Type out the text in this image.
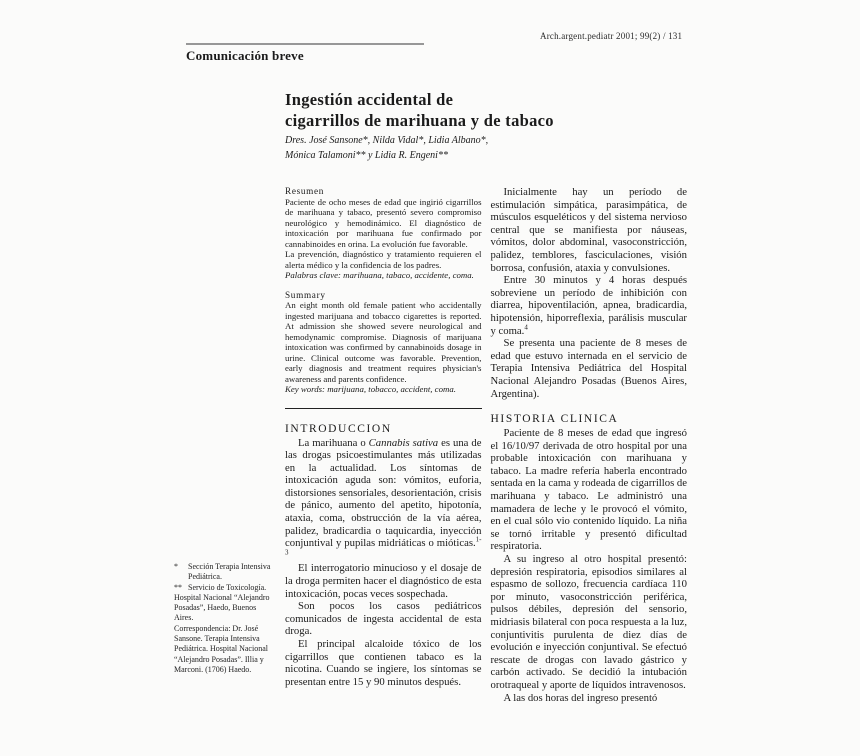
Arch.argent.pediatr 2001; 99(2) / 131
Comunicación breve
Ingestión accidental de
cigarrillos de marihuana y de tabaco
Dres. José Sansone*, Nilda Vidal*, Lidia Albano*,
Mónica Talamoni** y Lidia R. Engeni**
* Sección Terapia Intensiva Pediátrica.
** Servicio de Toxicología.

Hospital Nacional “Alejandro Posadas”, Haedo, Buenos Aires.

Correspondencia: Dr. José Sansone. Terapia Intensiva Pediátrica. Hospital Nacional “Alejandro Posadas”. Illia y Marconi. (1706) Haedo.

Resumen

Paciente de ocho meses de edad que ingirió cigarrillos de marihuana y tabaco, presentó severo compromiso neurológico y hemodinámico. El diagnóstico de intoxicación por marihuana fue confirmado por cannabinoides en orina. La evolución fue favorable.

La prevención, diagnóstico y tratamiento requieren el alerta médico y la confidencia de los padres.

Palabras clave: marihuana, tabaco, accidente, coma.

Summary

An eight month old female patient who accidentally ingested marijuana and tobacco cigarettes is reported. At admission she showed severe neurological and hemodynamic compromise. Diagnosis of marijuana intoxication was confirmed by cannabinoids dosage in urine. Clinical outcome was favorable. Prevention, early diagnosis and treatment requires physician's awareness and parents confidence.

Key words: marijuana, tobacco, accident, coma.

INTRODUCCION

La marihuana o Cannabis sativa es una de las drogas psicoestimulantes más utilizadas en la actualidad. Los síntomas de intoxicación aguda son: vómitos, euforia, distorsiones sensoriales, desorientación, crisis de pánico, aumento del apetito, hipotonía, ataxia, coma, obstrucción de la vía aérea, palidez, bradicardia o taquicardia, inyección conjuntival y pupilas midriáticas o mióticas.$^{1-3}$

El interrogatorio minucioso y el dosaje de la droga permiten hacer el diagnóstico de esta intoxicación, pocas veces sospechada.

Son pocos los casos pediátricos comunicados de ingesta accidental de esta droga.

El principal alcaloide tóxico de los cigarrillos que contienen tabaco es la nicotina. Cuando se ingiere, los síntomas se presentan entre 15 y 90 minutos después.

Inicialmente hay un período de estimulación simpática, parasimpática, de músculos esqueléticos y del sistema nervioso central que se manifiesta por náuseas, vómitos, dolor abdominal, vasoconstricción, palidez, temblores, fasciculaciones, visión borrosa, confusión, ataxia y convulsiones.

Entre 30 minutos y 4 horas después sobreviene un período de inhibición con diarrea, hipoventilación, apnea, bradicardia, hipotensión, hiporreflexia, parálisis muscular y coma.$^4$

Se presenta una paciente de 8 meses de edad que estuvo internada en el servicio de Terapia Intensiva Pediátrica del Hospital Nacional Alejandro Posadas (Buenos Aires, Argentina).

HISTORIA CLINICA

Paciente de 8 meses de edad que ingresó el 16/10/97 derivada de otro hospital por una probable intoxicación con marihuana y tabaco. La madre refería haberla encontrado sentada en la cama y rodeada de cigarrillos de marihuana y tabaco. Le administró una mamadera de leche y le provocó el vómito, en el cual sólo vio contenido líquido. La niña se tornó irritable y presentó dificultad respiratoria.

A su ingreso al otro hospital presentó: depresión respiratoria, episodios similares al espasmo de sollozo, frecuencia cardíaca 110 por minuto, vasoconstricción periférica, pulsos débiles, depresión del sensorio, midriasis bilateral con poca respuesta a la luz, conjuntivitis purulenta de diez días de evolución e inyección conjuntival. Se efectuó rescate de drogas con lavado gástrico y carbón activado. Se decidió la intubación orotraqueal y aporte de líquidos intravenosos.

A las dos horas del ingreso presentó
